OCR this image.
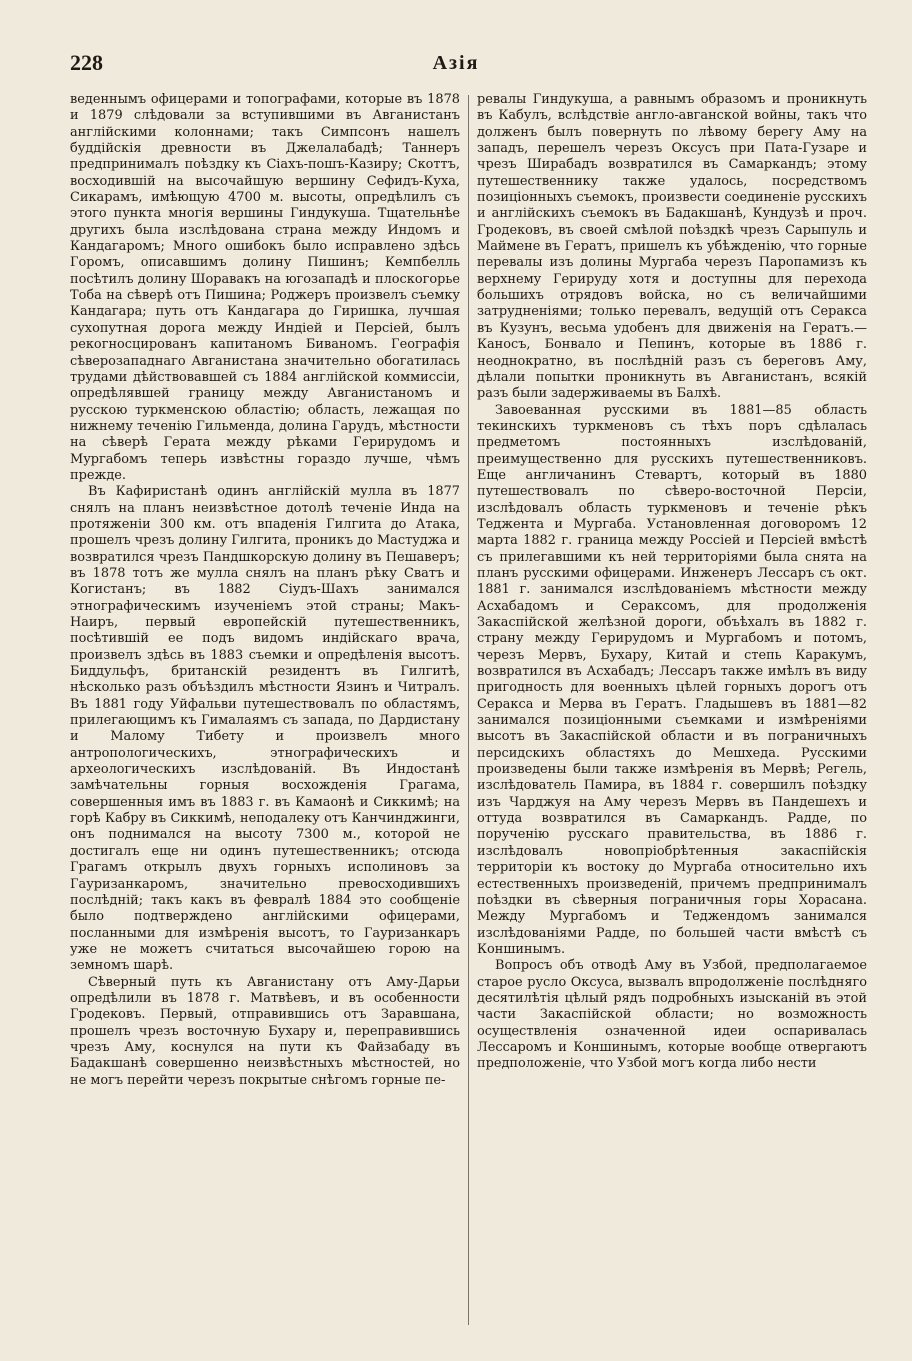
228	Азія

веденнымъ офицерами и топографами, которые въ 1878 и 1879 слѣдовали за вступившими въ Авганистанъ англійскими колоннами; такъ Симпсонъ нашелъ буддійскія древности въ Джелалабадѣ; Таннеръ предпринималъ поѣздку къ Сіахъ-пошъ-Казиру; Скоттъ, восходившій на высочайшую вершину Сефидъ-Куха, Сикарамъ, имѣющую 4700 м. высоты, опредѣлилъ съ этого пункта многія вершины Гиндукуша. Тщательнѣе другихъ была изслѣдована страна между Индомъ и Кандагаромъ; Много ошибокъ было исправлено здѣсь Горомъ, описавшимъ долину Пишинъ; Кемпбелль посѣтилъ долину Шоравакъ на югозападѣ и плоскогорье Тоба на сѣверѣ отъ Пишина; Роджеръ произвелъ съемку Кандагара; путь отъ Кандагара до Гиришка, лучшая сухопутная дорога между Индіей и Персіей, былъ рекогносцированъ капитаномъ Биваномъ. Географія сѣверозападнаго Авганистана значительно обогатилась трудами дѣйствовавшей съ 1884 англійской коммиссіи, опредѣлявшей границу между Авганистаномъ и русскою туркменскою областію; область, лежащая по нижнему теченію Гильменда, долина Гарудъ, мѣстности на сѣверѣ Герата между рѣками Герирудомъ и Мургабомъ теперь извѣстны гораздо лучше, чѣмъ прежде.

Въ Кафиристанѣ одинъ англійскій мулла въ 1877 снялъ на планъ неизвѣстное дотолѣ теченіе Инда на протяженіи 300 км. отъ впаденія Гилгита до Атака, прошелъ чрезъ долину Гилгита, проникъ до Мастуджа и возвратился чрезъ Пандшкорскую долину въ Пешаверъ; въ 1878 тотъ же мулла снялъ на планъ рѣку Сватъ и Когистанъ; въ 1882 Сіудъ-Шахъ занимался этнографическимъ изученіемъ этой страны; Макъ-Наиръ, первый европейскій путешественникъ, посѣтившій ее подъ видомъ индійскаго врача, произвелъ здѣсь въ 1883 съемки и опредѣленія высотъ. Биддульфъ, британскій резидентъ въ Гилгитѣ, нѣсколько разъ объѣздилъ мѣстности Язинъ и Читралъ. Въ 1881 году Уйфальви путешествовалъ по областямъ, прилегающимъ къ Гималаямъ съ запада, по Дардистану и Малому Тибету и произвелъ много антропологическихъ, этнографическихъ и археологическихъ изслѣдованій. Въ Индостанѣ замѣчательны горныя восхожденія Грагама, совершенныя имъ въ 1883 г. въ Камаонѣ и Сиккимѣ; на горѣ Кабру въ Сиккимѣ, неподалеку отъ Канчинджинги, онъ поднимался на высоту 7300 м., которой не достигалъ еще ни одинъ путешественникъ; отсюда Грагамъ открылъ двухъ горныхъ исполиновъ за Гауризанкаромъ, значительно превосходившихъ послѣдній; такъ какъ въ февралѣ 1884 это сообщеніе было подтверждено англійскими офицерами, посланными для измѣренія высотъ, то Гауризанкаръ уже не можетъ считаться высочайшею горою на земномъ шарѣ.

Сѣверный путь къ Авганистану отъ Аму-Дарьи опредѣлили въ 1878 г. Матвѣевъ, и въ особенности Гродековъ. Первый, отправившись отъ Заравшана, прошелъ чрезъ восточную Бухару и, переправившись чрезъ Аму, коснулся на пути къ Файзабаду въ Бадакшанѣ совершенно неизвѣстныхъ мѣстностей, но не могъ перейти черезъ покрытые снѣгомъ горные пе-

ревалы Гиндукуша, а равнымъ образомъ и проникнуть въ Кабулъ, вслѣдствіе англо-авганской войны, такъ что долженъ былъ повернуть по лѣвому берегу Аму на западъ, перешелъ черезъ Оксусъ при Пата-Гузаре и чрезъ Ширабадъ возвратился въ Самаркандъ; этому путешественнику также удалось, посредствомъ позиціонныхъ съемокъ, произвести соединеніе русскихъ и англійскихъ съемокъ въ Бадакшанѣ, Кундузѣ и проч. Гродековъ, въ своей смѣлой поѣздкѣ чрезъ Сарыпуль и Маймене въ Гератъ, пришелъ къ убѣжденію, что горные перевалы изъ долины Мургаба черезъ Паропамизъ къ верхнему Герируду хотя и доступны для перехода большихъ отрядовъ войска, но съ величайшими затрудненіями; только перевалъ, ведущій отъ Серакса въ Кузунъ, весьма удобенъ для движенія на Гератъ.—Каносъ, Бонвало и Пепинъ, которые въ 1886 г. неоднократно, въ послѣдній разъ съ береговъ Аму, дѣлали попытки проникнуть въ Авганистанъ, всякій разъ были задерживаемы въ Балхѣ.

Завоеванная русскими въ 1881—85 область текинскихъ туркменовъ съ тѣхъ поръ сдѣлалась предметомъ постоянныхъ изслѣдованій, преимущественно для русскихъ путешественниковъ. Еще англичанинъ Стевартъ, который въ 1880 путешествовалъ по сѣверо-восточной Персіи, изслѣдовалъ область туркменовъ и теченіе рѣкъ Теджента и Мургаба. Установленная договоромъ 12 марта 1882 г. граница между Россіей и Персіей вмѣстѣ съ прилегавшими къ ней территоріями была снята на планъ русскими офицерами. Инженеръ Лессаръ съ окт. 1881 г. занимался изслѣдованіемъ мѣстности между Асхабадомъ и Сераксомъ, для продолженія Закаспійской желѣзной дороги, объѣхалъ въ 1882 г. страну между Герирудомъ и Мургабомъ и потомъ, черезъ Мервъ, Бухару, Китай и степь Каракумъ, возвратился въ Асхабадъ; Лессаръ также имѣлъ въ виду пригодность для военныхъ цѣлей горныхъ дорогъ отъ Серакса и Мерва въ Гератъ. Гладышевъ въ 1881—82 занимался позиціонными съемками и измѣреніями высотъ въ Закаспійской области и въ пограничныхъ персидскихъ областяхъ до Мешхеда. Русскими произведены были также измѣренія въ Мервѣ; Регель, изслѣдователь Памира, въ 1884 г. совершилъ поѣздку изъ Чарджуя на Аму черезъ Мервъ въ Пандешехъ и оттуда возвратился въ Самаркандъ. Радде, по порученію русскаго правительства, въ 1886 г. изслѣдовалъ новопріобрѣтенныя закаспійскія территоріи къ востоку до Мургаба относительно ихъ естественныхъ произведеній, причемъ предпринималъ поѣздки въ сѣверныя пограничныя горы Хорасана. Между Мургабомъ и Теджендомъ занимался изслѣдованіями Радде, по большей части вмѣстѣ съ Коншинымъ.

Вопросъ объ отводѣ Аму въ Узбой, предполагаемое старое русло Оксуса, вызвалъ впродолженіе послѣдняго десятилѣтія цѣлый рядъ подробныхъ изысканій въ этой части Закаспійской области; но возможность осуществленія означенной идеи оспаривалась Лессаромъ и Коншинымъ, которые вообще отвергаютъ предположеніе, что Узбой могъ когда либо нести
